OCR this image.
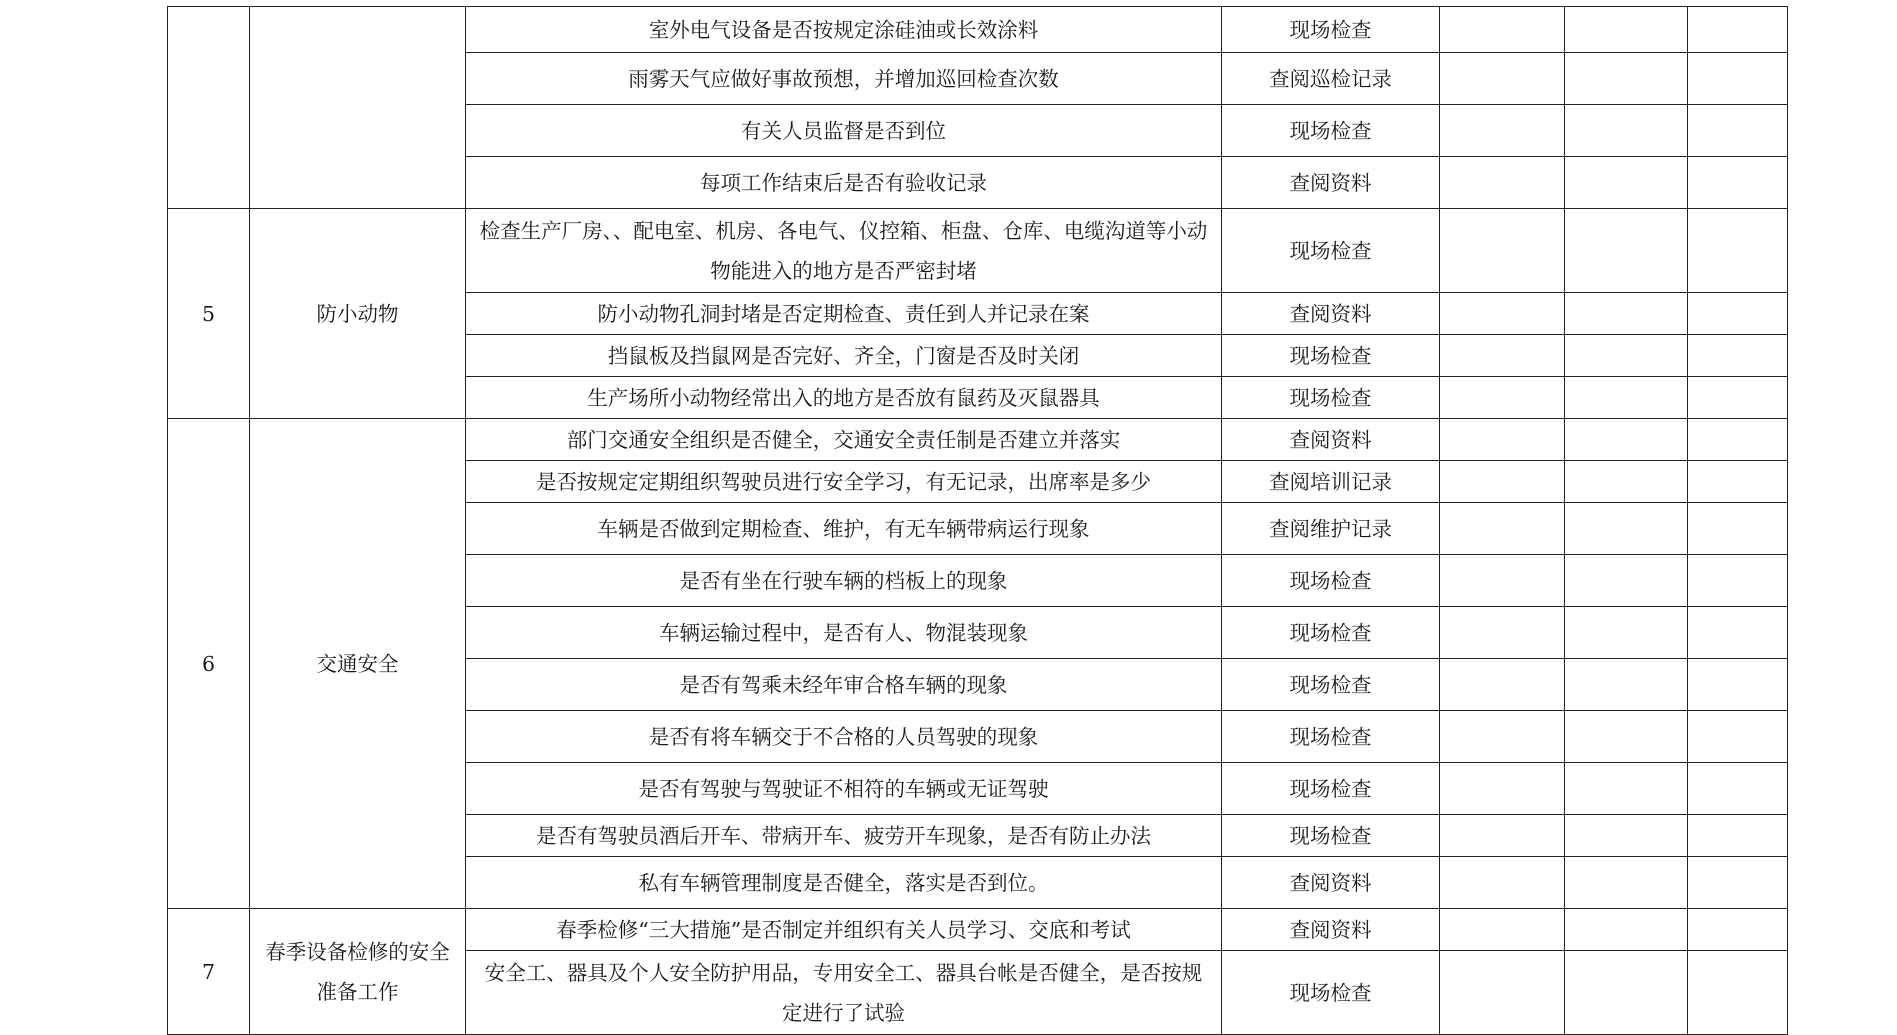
		室外电气设备是否按规定涂硅油或长效涂料	现场检查			
		雨雾天气应做好事故预想，并增加巡回检查次数	查阅巡检记录			
		有关人员监督是否到位	现场检查			
		每项工作结束后是否有验收记录	查阅资料			
5	防小动物	检查生产厂房、、配电室、机房、各电气、仪控箱、柜盘、仓库、电缆沟道等小动物能进入的地方是否严密封堵	现场检查			
		防小动物孔洞封堵是否定期检查、责任到人并记录在案	查阅资料			
		挡鼠板及挡鼠网是否完好、齐全，门窗是否及时关闭	现场检查			
		生产场所小动物经常出入的地方是否放有鼠药及灭鼠器具	现场检查			
6	交通安全	部门交通安全组织是否健全，交通安全责任制是否建立并落实	查阅资料			
		是否按规定定期组织驾驶员进行安全学习，有无记录，出席率是多少	查阅培训记录			
		车辆是否做到定期检查、维护，有无车辆带病运行现象	查阅维护记录			
		是否有坐在行驶车辆的档板上的现象	现场检查			
		车辆运输过程中，是否有人、物混装现象	现场检查			
		是否有驾乘未经年审合格车辆的现象	现场检查			
		是否有将车辆交于不合格的人员驾驶的现象	现场检查			
		是否有驾驶与驾驶证不相符的车辆或无证驾驶	现场检查			
		是否有驾驶员酒后开车、带病开车、疲劳开车现象，是否有防止办法	现场检查			
		私有车辆管理制度是否健全，落实是否到位。	查阅资料			
7	春季设备检修的安全准备工作	春季检修“三大措施”是否制定并组织有关人员学习、交底和考试	查阅资料			
		安全工、器具及个人安全防护用品，专用安全工、器具台帐是否健全，是否按规定进行了试验	现场检查			
